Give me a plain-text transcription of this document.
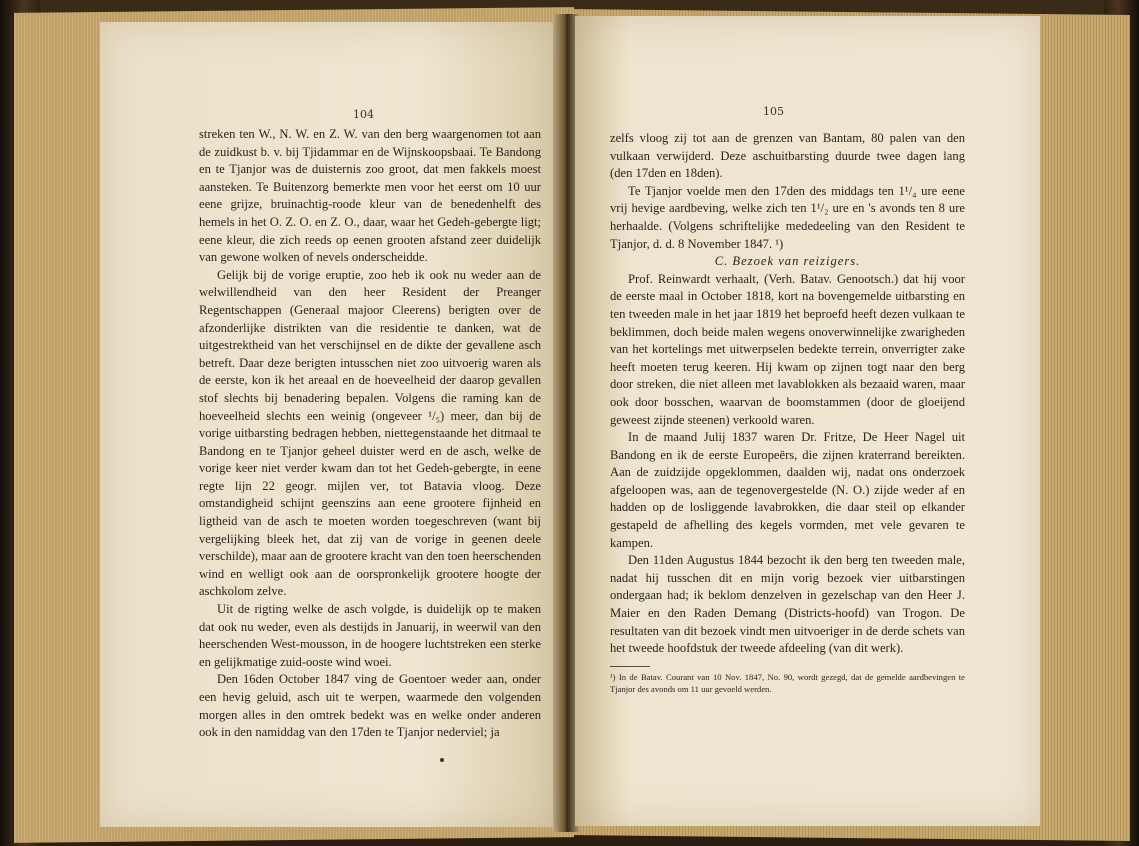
104

streken ten W., N. W. en Z. W. van den berg waargenomen tot aan de zuidkust b. v. bij Tjidammar en de Wijnskoopsbaai. Te Bandong en te Tjanjor was de duisternis zoo groot, dat men fakkels moest aansteken. Te Buitenzorg bemerkte men voor het eerst om 10 uur eene grijze, bruinachtig-roode kleur van de benedenhelft des hemels in het O. Z. O. en Z. O., daar, waar het Gedeh-gebergte ligt; eene kleur, die zich reeds op eenen grooten afstand zeer duidelijk van gewone wolken of nevels onderscheidde.

Gelijk bij de vorige eruptie, zoo heb ik ook nu weder aan de welwillendheid van den heer Resident der Preanger Regentschappen (Generaal majoor Cleerens) berigten over de afzonderlijke distrikten van die residentie te danken, wat de uitgestrektheid van het verschijnsel en de dikte der gevallene asch betreft. Daar deze berigten intusschen niet zoo uitvoerig waren als de eerste, kon ik het areaal en de hoeveelheid der daarop gevallen stof slechts bij benadering bepalen. Volgens die raming kan de hoeveelheid slechts een weinig (ongeveer ¹/₅) meer, dan bij de vorige uitbarsting bedragen hebben, niettegenstaande het ditmaal te Bandong en te Tjanjor geheel duister werd en de asch, welke de vorige keer niet verder kwam dan tot het Gedeh-gebergte, in eene regte lijn 22 geogr. mijlen ver, tot Batavia vloog. Deze omstandigheid schijnt geenszins aan eene grootere fijnheid en ligtheid van de asch te moeten worden toegeschreven (want bij vergelijking bleek het, dat zij van de vorige in geenen deele verschilde), maar aan de grootere kracht van den toen heerschenden wind en welligt ook aan de oorspronkelijk grootere hoogte der aschkolom zelve.

Uit de rigting welke de asch volgde, is duidelijk op te maken dat ook nu weder, even als destijds in Januarij, in weerwil van den heerschenden West-mousson, in de hoogere luchtstreken een sterke en gelijkmatige zuid-ooste wind woei.

Den 16den October 1847 ving de Goentoer weder aan, onder een hevig geluid, asch uit te werpen, waarmede den volgenden morgen alles in den omtrek bedekt was en welke onder anderen ook in den namiddag van den 17den te Tjanjor nederviel; ja

105

zelfs vloog zij tot aan de grenzen van Bantam, 80 palen van den vulkaan verwijderd. Deze aschuitbarsting duurde twee dagen lang (den 17den en 18den).

Te Tjanjor voelde men den 17den des middags ten 1¹/₄ ure eene vrij hevige aardbeving, welke zich ten 1¹/₂ ure en 's avonds ten 8 ure herhaalde. (Volgens schriftelijke mededeeling van den Resident te Tjanjor, d. d. 8 November 1847. ¹)

C. Bezoek van reizigers.

Prof. Reinwardt verhaalt, (Verh. Batav. Genootsch.) dat hij voor de eerste maal in October 1818, kort na bovengemelde uitbarsting en ten tweeden male in het jaar 1819 het beproefd heeft dezen vulkaan te beklimmen, doch beide malen wegens onoverwinnelijke zwarigheden van het kortelings met uitwerpselen bedekte terrein, onverrigter zake heeft moeten terug keeren. Hij kwam op zijnen togt naar den berg door streken, die niet alleen met lavablokken als bezaaid waren, maar ook door bosschen, waarvan de boomstammen (door de gloeijend geweest zijnde steenen) verkoold waren.

In de maand Julij 1837 waren Dr. Fritze, De Heer Nagel uit Bandong en ik de eerste Europeërs, die zijnen kraterrand bereikten. Aan de zuidzijde opgeklommen, daalden wij, nadat ons onderzoek afgeloopen was, aan de tegenovergestelde (N. O.) zijde weder af en hadden op de losliggende lavabrokken, die daar steil op elkander gestapeld de afhelling des kegels vormden, met vele gevaren te kampen.

Den 11den Augustus 1844 bezocht ik den berg ten tweeden male, nadat hij tusschen dit en mijn vorig bezoek vier uitbarstingen ondergaan had; ik beklom denzelven in gezelschap van den Heer J. Maier en den Raden Demang (Districts-hoofd) van Trogon. De resultaten van dit bezoek vindt men uitvoeriger in de derde schets van het tweede hoofdstuk der tweede afdeeling (van dit werk).

¹) In de Batav. Courant van 10 Nov. 1847, No. 90, wordt gezegd, dat de gemelde aardbevingen te Tjanjor des avonds om 11 uur gevoeld werden.
